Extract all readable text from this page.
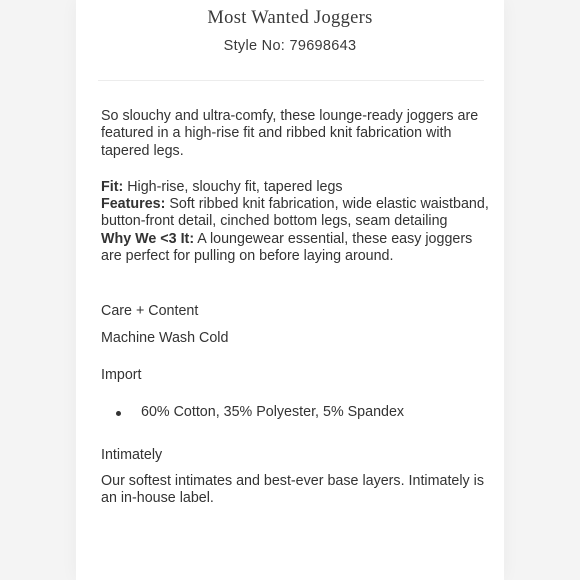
Most Wanted Joggers
Style No: 79698643

So slouchy and ultra-comfy, these lounge-ready joggers are featured in a high-rise fit and ribbed knit fabrication with tapered legs.

Fit: High-rise, slouchy fit, tapered legs

Features: Soft ribbed knit fabrication, wide elastic waistband, button-front detail, cinched bottom legs, seam detailing

Why We <3 It: A loungewear essential, these easy joggers are perfect for pulling on before laying around.

Care + Content

Machine Wash Cold

Import

60% Cotton, 35% Polyester, 5% Spandex

Intimately

Our softest intimates and best-ever base layers. Intimately is an in-house label.
